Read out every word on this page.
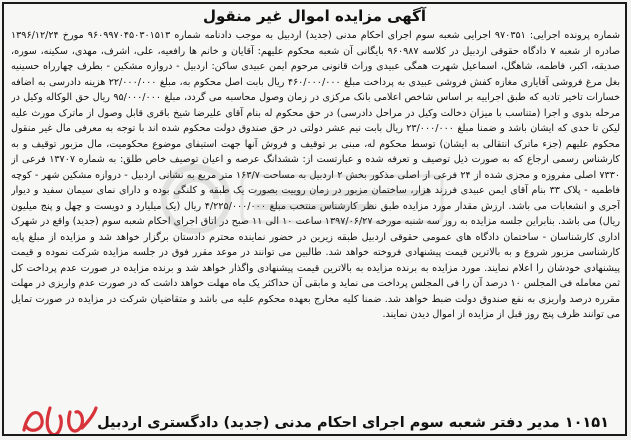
آگهی مزایده اموال غیر منقول

شماره پرونده اجرایی: ۹۷۰۳۵۱ اجرایی شعبه سوم اجرای احکام مدنی (جدید) اردبیل به موجب دادنامه شماره ۹۶۰۹۹۷۰۴۵۰۳۰۱۵۱۳ مورخ ۱۳۹۶/۱۲/۲۴ صادره از شعبه ۷ دادگاه حقوقی اردبیل در کلاسه ۹۶۰۹۸۷ بایگانی آن شعبه محکوم علیهم: آقایان و خانم ها رافعیه، علی، اشرف، مهدی، سکینه، سوره، صدیقه، اکبر، فاطمه، شاهگل، اسماعیل شهرت همگی عبیدی وراث قانونی مرحوم ایمن عبیدی ساکن: اردبیل - دروازه مشکین - بطرف چهارراه حسینیه بغل مرغ فروشی آقایاری مغازه کفش فروشی عبیدی به پرداخت مبلغ ۴۶۰/۰۰۰/۰۰۰ ریال بابت اصل محکوم به، مبلغ ۲۲/۰۰۰/۰۰۰ هزینه دادرسی به اضافه خسارات تاخیر تادیه که طبق اجراییه بر اساس شاخص اعلامی بانک مرکزی در زمان وصول محاسبه می گردد، مبلغ ۹۵/۰۰۰/۰۰۰ ریال حق الوکاله وکیل در مرحله بدوی و اجرا (متناسب با میزان دخالت وکیل در مراحل دادرسی) در حق محکوم له بنام آقای علیرضا شیخ باقری قابل وصول از ماترک مورث علیه لیکن تا حدی که ایشان باشد و ضمنا مبلغ ۲۳/۰۰۰/۰۰۰ ریال بابت نیم عشر دولتی در حق صندوق دولت محکوم شده اند با توجه به معرفی مال غیر منقول محکوم علیهم (جزء ماترک انتقالی به ایشان) توسط محکوم له، مبنی بر توقیف و فروش آنها جهت استیفای موضوع محکومیت، مال مزبور توقیف و به کارشناس رسمی ارجاع که به صورت ذیل توصیف و تعرفه شده و عبارتست از: ششدانگ عرصه و اعیان توصیف خاص طلق: به شماره ۱۳۷۰۷ فرعی از ۷۳۳۰ اصلی مفروزه و مجزی شده از ۲۴ فرعی از اصلی مذکور بخش ۲ اردبیل به مساحت ۱۶۳/۷ متر مربع به نشانی اردبیل - دروازه مشکین شهر - کوچه فاطمیه - پلاک ۳۳ بنام آقای ایمن عبیدی فرزند هزار، ساختمان مزبور در زمان روییت بصورت یک طبقه و کلنگی بوده و دارای نمای سیمان سفید و دیوار آجری و انشعابات می باشد. ارزش مقدار مورد مزایده طبق نظر کارشناس منتخب مبلغ ۴/۲۲۵/۰۰۰/۰۰۰ ریال (یک میلیارد و دویست و چهل و پنج میلیون ریال) می باشد. بنابراین جلسه مزایده به روز سه شنبه مورخه ۱۳۹۷/۰۶/۲۷ ساعت ۱۰ الی ۱۱ صبح در اتاق اجرای احکام شعبه سوم (جدید) واقع در شهرک اداری کارشناسان - ساختمان دادگاه های عمومی حقوقی اردبیل طبقه زیرین در حضور نماینده محترم دادستان برگزار خواهد شد و مزایده از مبلغ پایه کارشناسی مزبور شروع و به بالاترین قیمت پیشنهادی فروخته خواهد شد. طالبین می توانند در موعد مقرر فوق در جلسه مزایده شرکت نموده و قیمت پیشنهادی خودشان را اعلام نمایند. مورد مزایده به برنده مزایده به بالاترین قیمت پیشنهادی واگذار خواهد شد و برنده مزایده در صورت عدم پرداخت کل ثمن معامله فی المجلس ۱۰ درصد آن را فی المجلس پرداخت می نماید و مابقی آن حداکثر یک ماه مهلت خواهد داشت که در صورت عدم واریزی در مهلت مقرره درصد واریزی به نفع صندوق دولت ضبط خواهد شد. ضمنا کلیه مخارج بعهده محکوم علیه می باشد و متقاضیان شرکت در مزایده در صورت تمایل می توانند ظرف پنج روز قبل از مزایده از اموال دیدن نمایند.

۱۰۱۵۱ مدیر دفتر شعبه سوم اجرای احکام مدنی (جدید) دادگستری اردبیل
